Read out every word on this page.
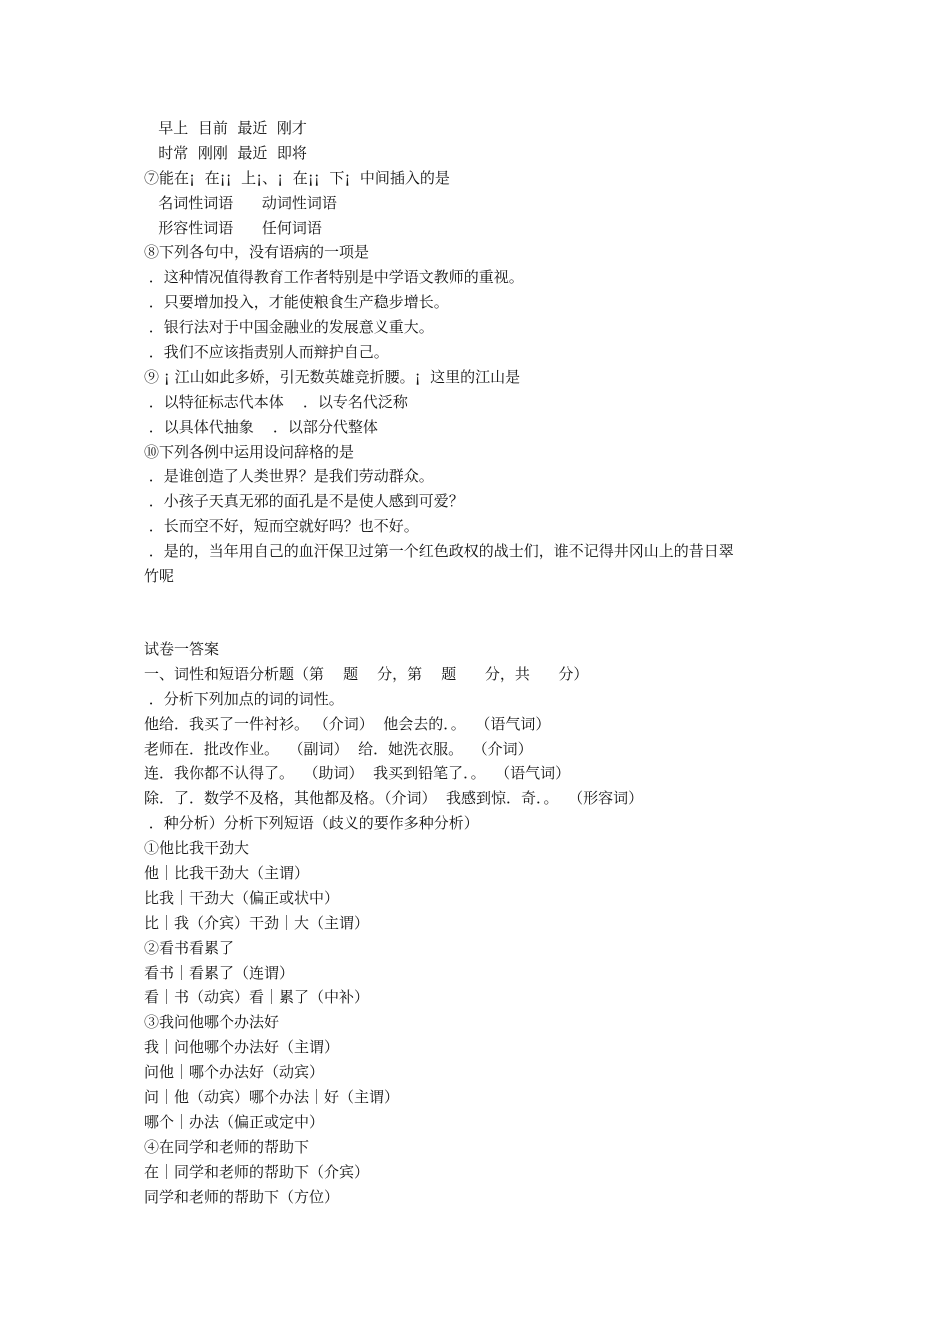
早上  目前  最近  刚才
时常  刚刚  最近  即将
⑦能在¡  在¡¡  上¡、¡  在¡¡  下¡  中间插入的是
名词性词语      动词性词语
形容性词语      任何词语
⑧下列各句中，没有语病的一项是
．这种情况值得教育工作者特别是中学语文教师的重视。
．只要增加投入，才能使粮食生产稳步增长。
．银行法对于中国金融业的发展意义重大。
．我们不应该指责别人而辩护自己。
⑨ ¡ 江山如此多娇，引无数英雄竞折腰。¡  这里的江山是
．以特征标志代本体    ．以专名代泛称
．以具体代抽象    ．以部分代整体
⑩下列各例中运用设问辞格的是
．是谁创造了人类世界？是我们劳动群众。
．小孩子天真无邪的面孔是不是使人感到可爱？
．长而空不好，短而空就好吗？也不好。
．是的，当年用自己的血汗保卫过第一个红色政权的战士们，谁不记得井冈山上的昔日翠
竹呢
试卷一答案
一、词性和短语分析题（第    题    分，第    题      分，共      分）
．分析下列加点的词的词性。
他给．我买了一件衬衫。 （介词）  他会去的．。  （语气词）
老师在．批改作业。  （副词）  给．她洗衣服。  （介词）
连．我你都不认得了。  （助词）  我买到铅笔了．。  （语气词）
除．了．数学不及格，其他都及格。（介词）  我感到惊．奇．。  （形容词）
．种分析）分析下列短语（歧义的要作多种分析）
①他比我干劲大
他｜比我干劲大（主谓）
比我｜干劲大（偏正或状中）
比｜我（介宾）干劲｜大（主谓）
②看书看累了
看书｜看累了（连谓）
看｜书（动宾）看｜累了（中补）
③我问他哪个办法好
我｜问他哪个办法好（主谓）
问他｜哪个办法好（动宾）
问｜他（动宾）哪个办法｜好（主谓）
哪个｜办法（偏正或定中）
④在同学和老师的帮助下
在｜同学和老师的帮助下（介宾）
同学和老师的帮助下（方位）
